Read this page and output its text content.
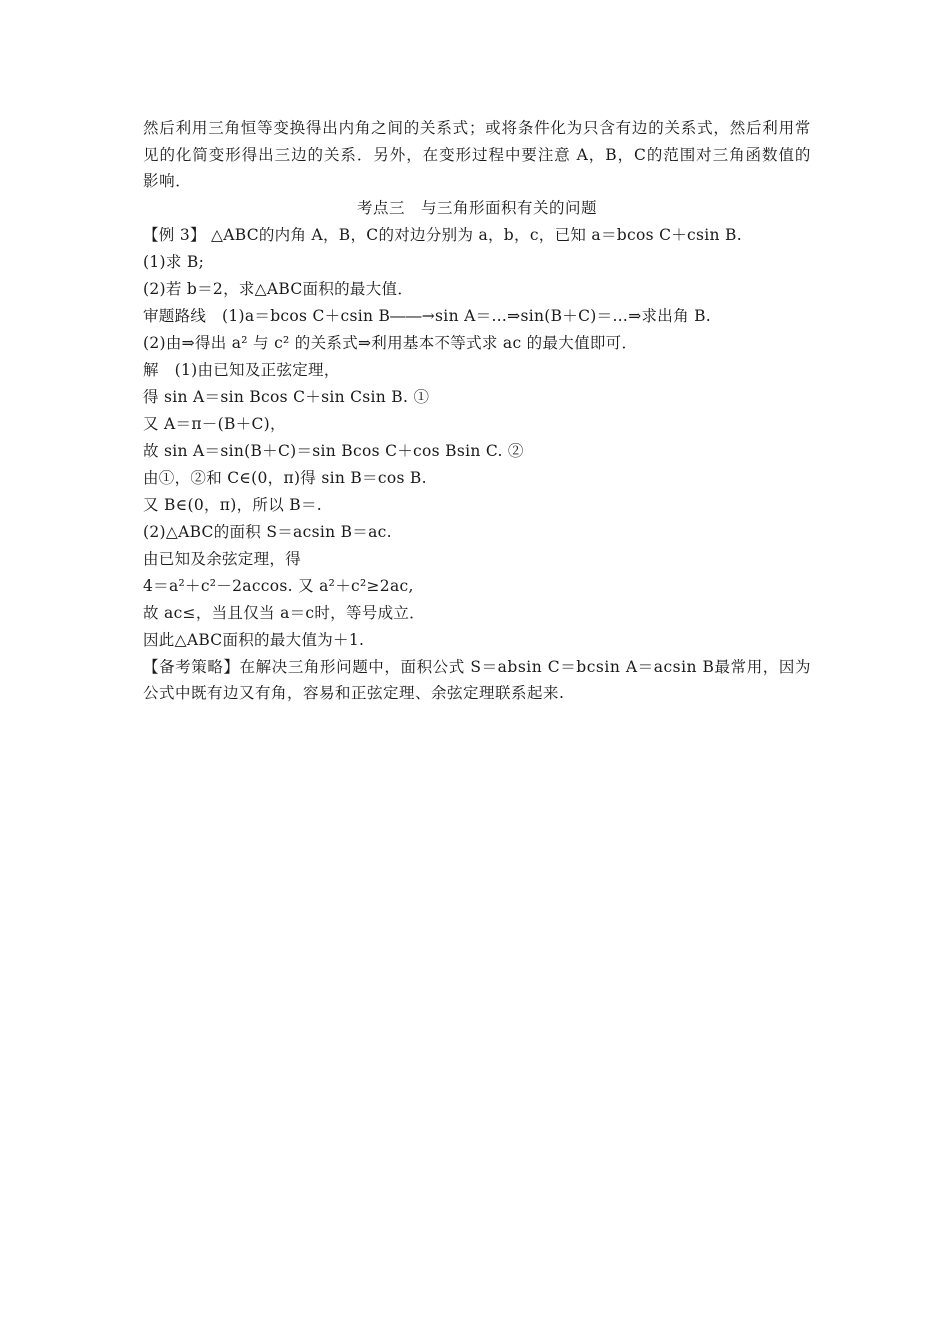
然后利用三角恒等变换得出内角之间的关系式；或将条件化为只含有边的关系式，然后利用常见的化简变形得出三边的关系．另外，在变形过程中要注意 A，B，C的范围对三角函数值的影响．

考点三　与三角形面积有关的问题

【例 3】 △ABC的内角 A，B，C的对边分别为 a，b，c，已知 a＝bcos C＋csin B.

(1)求 B;

(2)若 b＝2，求△ABC面积的最大值．

审题路线　(1)a＝bcos C＋csin B――→sin A＝…⇒sin(B＋C)＝…⇒求出角 B.

(2)由⇒得出 a² 与 c² 的关系式⇒利用基本不等式求 ac 的最大值即可．

解　(1)由已知及正弦定理，

得 sin A＝sin Bcos C＋sin Csin B. ①

又 A＝π－(B＋C)，

故 sin A＝sin(B＋C)＝sin Bcos C＋cos Bsin C. ②

由①，②和 C∈(0，π)得 sin B＝cos B.

又 B∈(0，π)，所以 B＝.

(2)△ABC的面积 S＝acsin B＝ac.

由已知及余弦定理，得

4＝a²＋c²－2accos. 又 a²＋c²≥2ac,

故 ac≤，当且仅当 a＝c时，等号成立．

因此△ABC面积的最大值为＋1.

【备考策略】在解决三角形问题中，面积公式 S＝absin C＝bcsin A＝acsin B最常用，因为公式中既有边又有角，容易和正弦定理、余弦定理联系起来.
